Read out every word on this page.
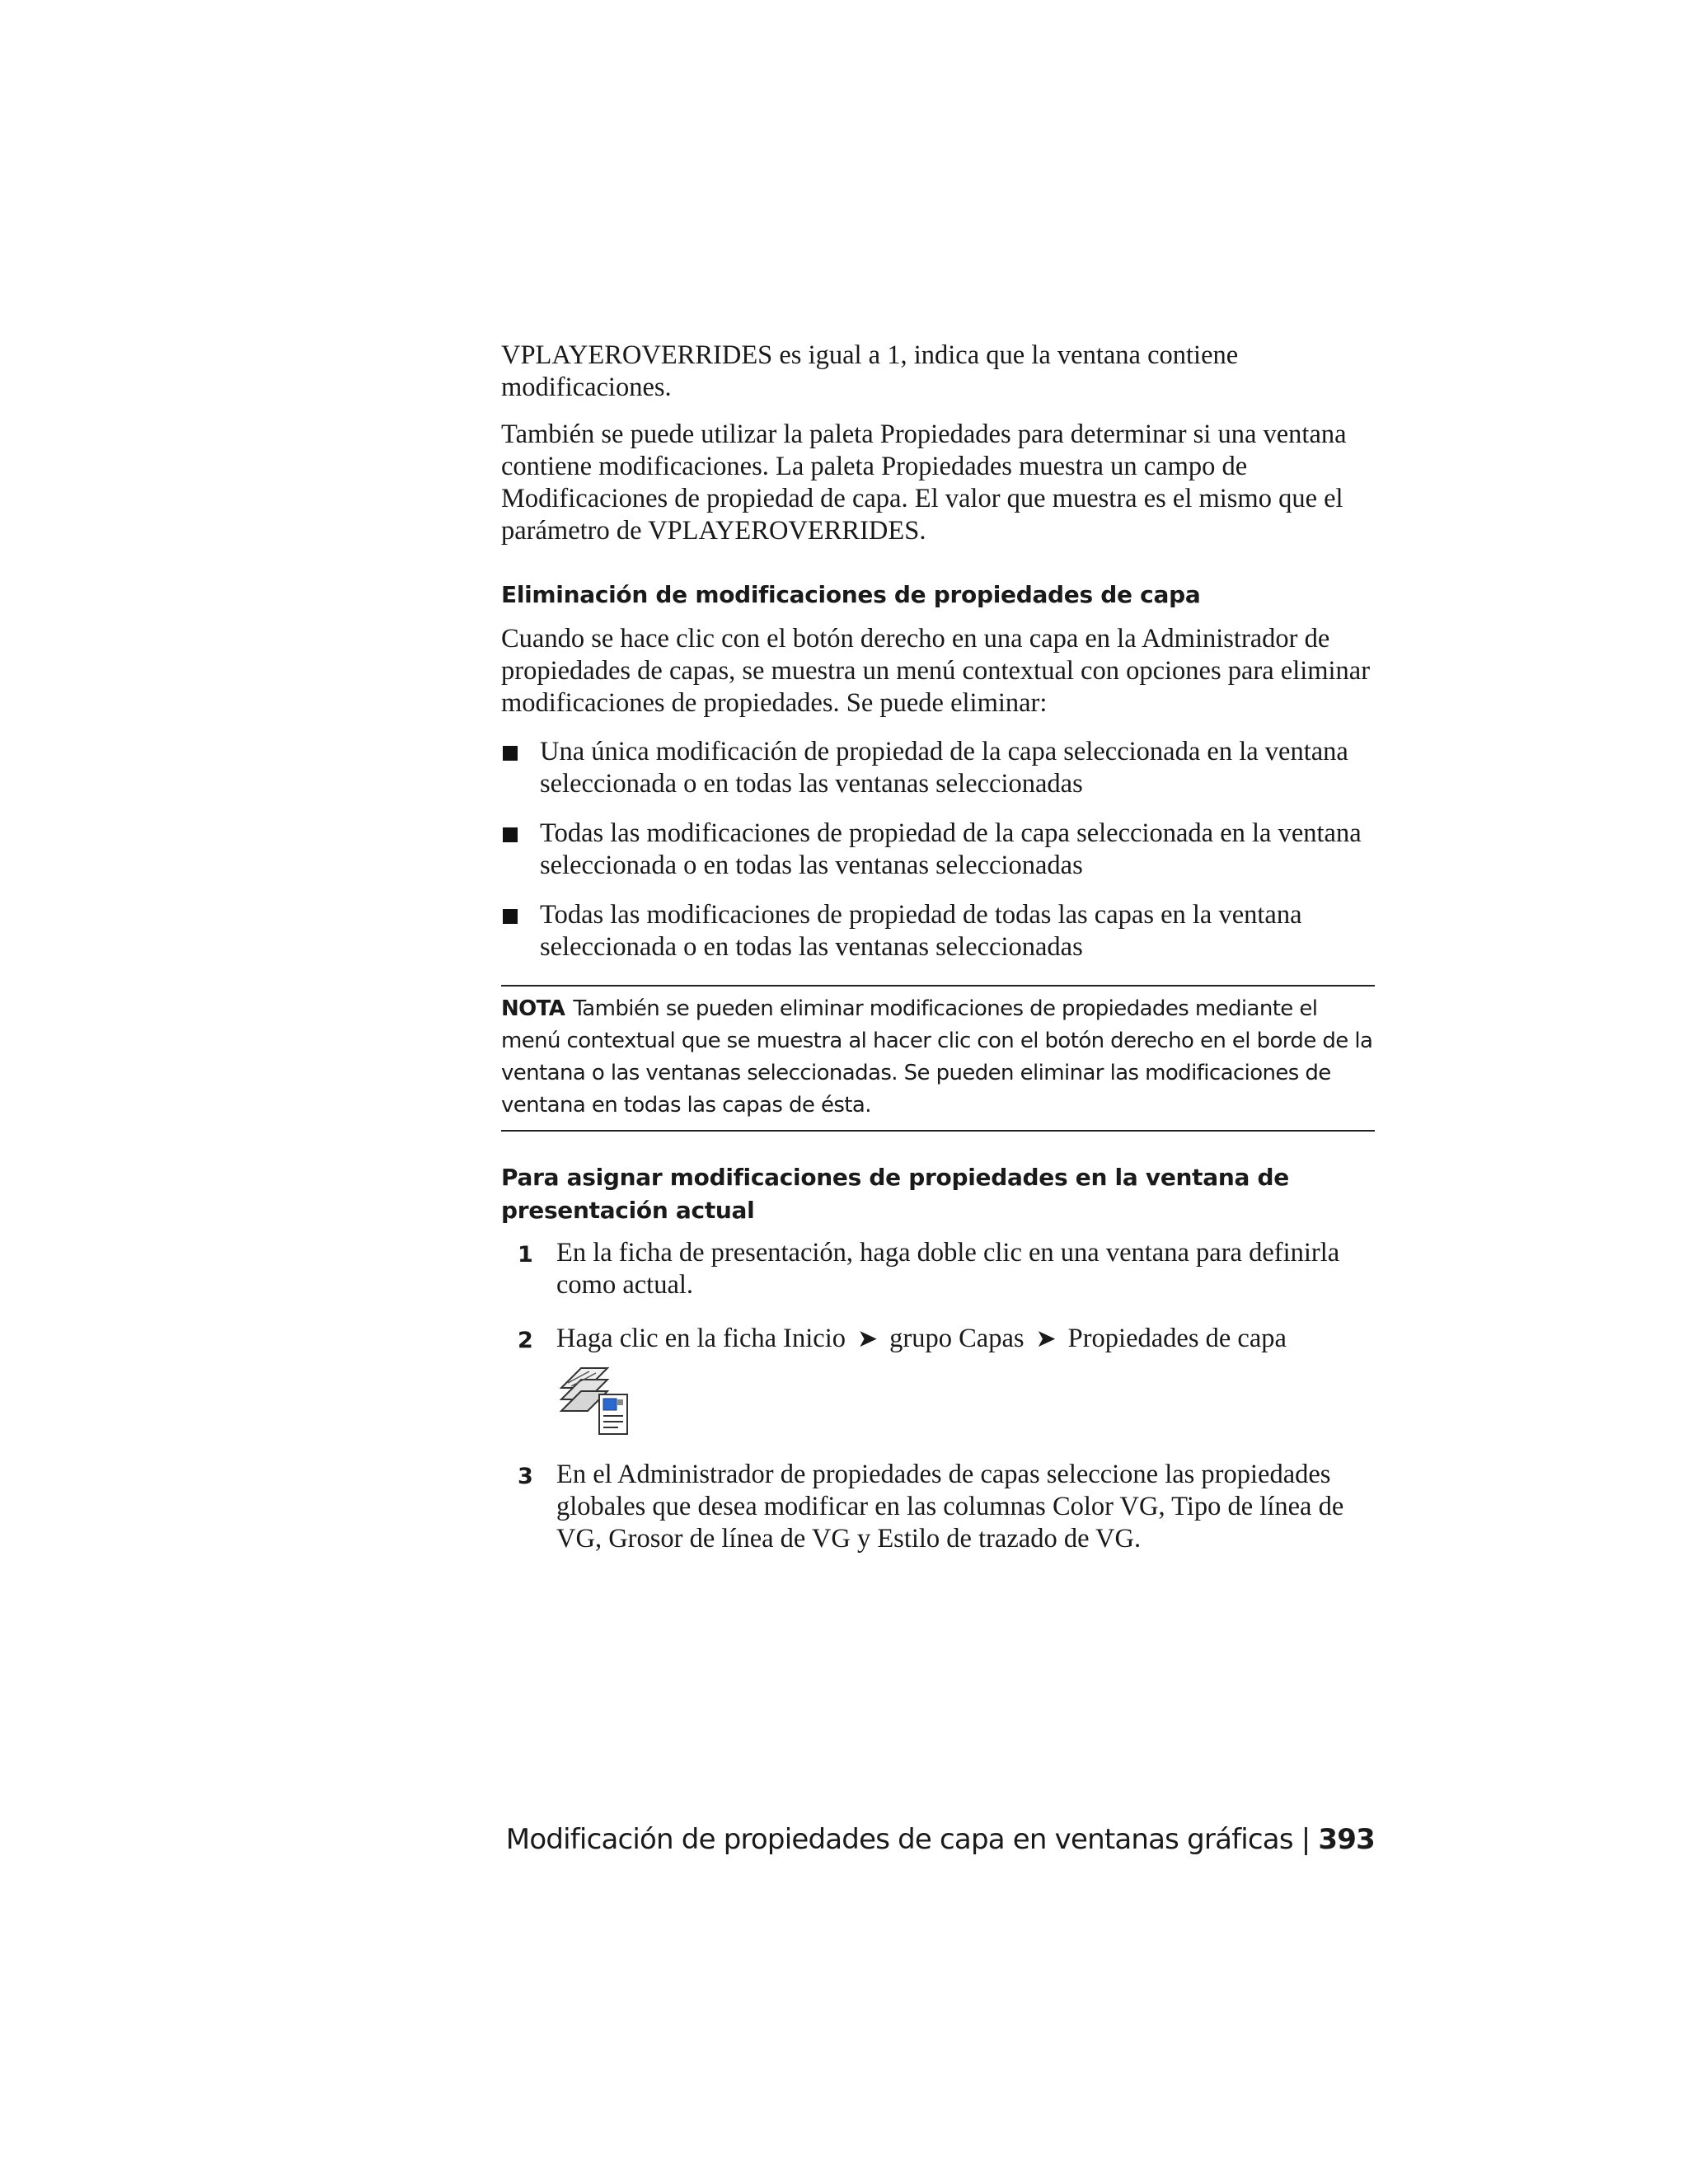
VPLAYEROVERRIDES es igual a 1, indica que la ventana contiene modificaciones.

También se puede utilizar la paleta Propiedades para determinar si una ventana contiene modificaciones. La paleta Propiedades muestra un campo de Modificaciones de propiedad de capa. El valor que muestra es el mismo que el parámetro de VPLAYEROVERRIDES.

Eliminación de modificaciones de propiedades de capa

Cuando se hace clic con el botón derecho en una capa en la Administrador de propiedades de capas, se muestra un menú contextual con opciones para eliminar modificaciones de propiedades. Se puede eliminar:

Una única modificación de propiedad de la capa seleccionada en la ventana seleccionada o en todas las ventanas seleccionadas
Todas las modificaciones de propiedad de la capa seleccionada en la ventana seleccionada o en todas las ventanas seleccionadas
Todas las modificaciones de propiedad de todas las capas en la ventana seleccionada o en todas las ventanas seleccionadas
NOTA También se pueden eliminar modificaciones de propiedades mediante el menú contextual que se muestra al hacer clic con el botón derecho en el borde de la ventana o las ventanas seleccionadas. Se pueden eliminar las modificaciones de ventana en todas las capas de ésta.
Para asignar modificaciones de propiedades en la ventana de presentación actual
1 En la ficha de presentación, haga doble clic en una ventana para definirla como actual.
2 Haga clic en la ficha Inicio ➤ grupo Capas ➤ Propiedades de capa
3 En el Administrador de propiedades de capas seleccione las propiedades globales que desea modificar en las columnas Color VG, Tipo de línea de VG, Grosor de línea de VG y Estilo de trazado de VG.
Modificación de propiedades de capa en ventanas gráficas | 393
